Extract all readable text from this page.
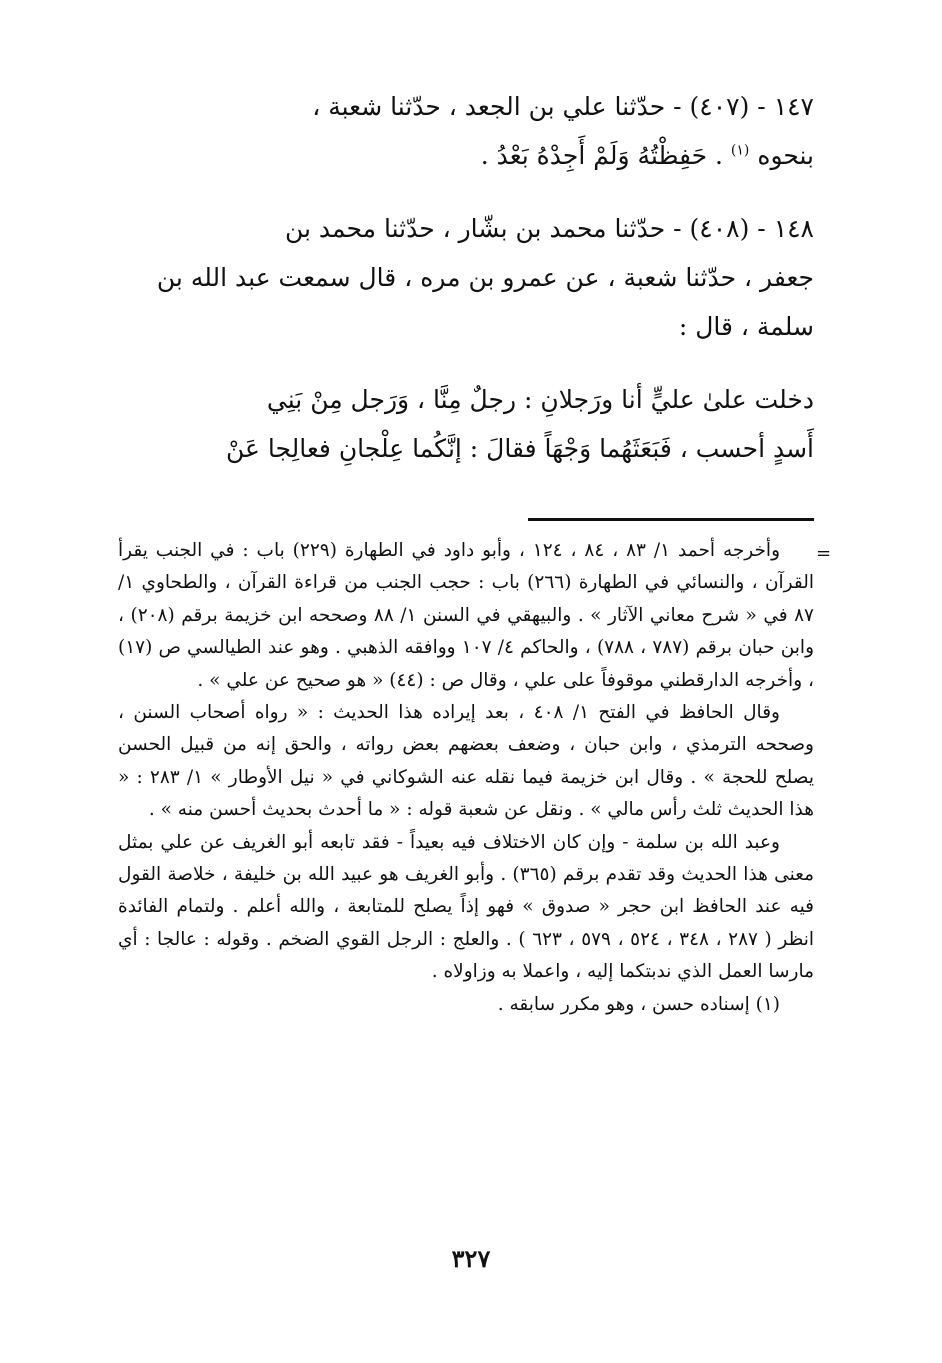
١٤٧ - (٤٠٧) - حدّثنا علي بن الجعد ، حدّثنا شعبة ،

بنحوه $^{(١)}$ . حَفِظْتُهُ وَلَمْ أَجِدْهُ بَعْدُ .

١٤٨ - (٤٠٨) - حدّثنا محمد بن بشّار ، حدّثنا محمد بن

جعفر ، حدّثنا شعبة ، عن عمرو بن مره ، قال سمعت عبد الله بن

سلمة ، قال :

دخلت علىٰ عليٍّ أنا ورَجلانِ : رجلٌ مِنَّا ، وَرَجل مِنْ بَنِي

أَسدٍ أحسب ، فَبَعَثَهُما وَجْهَاً فقالَ : إنَّكُما عِلْجانِ فعالِجا عَنْ

=

وأخرجه أحمد ١/ ٨٣ ، ٨٤ ، ١٢٤ ، وأبو داود في الطهارة (٢٢٩) باب : في الجنب يقرأ القرآن ، والنسائي في الطهارة (٢٦٦) باب : حجب الجنب من قراءة القرآن ، والطحاوي ١/ ٨٧ في « شرح معاني الآثار » . والبيهقي في السنن ١/ ٨٨ وصححه ابن خزيمة برقم (٢٠٨) ، وابن حبان برقم (٧٨٧ ، ٧٨٨) ، والحاكم ٤/ ١٠٧ ووافقه الذهبي . وهو عند الطيالسي ص (١٧) ، وأخرجه الدارقطني موقوفاً على علي ، وقال ص : (٤٤) « هو صحيح عن علي » .

وقال الحافظ في الفتح ١/ ٤٠٨ ، بعد إيراده هذا الحديث : « رواه أصحاب السنن ، وصححه الترمذي ، وابن حبان ، وضعف بعضهم بعض رواته ، والحق إنه من قبيل الحسن يصلح للحجة » . وقال ابن خزيمة فيما نقله عنه الشوكاني في « نيل الأوطار » ١/ ٢٨٣ : « هذا الحديث ثلث رأس مالي » . ونقل عن شعبة قوله : « ما أحدث بحديث أحسن منه » .

وعبد الله بن سلمة - وإن كان الاختلاف فيه بعيداً - فقد تابعه أبو الغريف عن علي بمثل معنى هذا الحديث وقد تقدم برقم (٣٦٥) . وأبو الغريف هو عبيد الله بن خليفة ، خلاصة القول فيه عند الحافظ ابن حجر « صدوق » فهو إذاً يصلح للمتابعة ، والله أعلم . ولتمام الفائدة انظر ( ٢٨٧ ، ٣٤٨ ، ٥٢٤ ، ٥٧٩ ، ٦٢٣ ) . والعلج : الرجل القوي الضخم . وقوله : عالجا : أي مارسا العمل الذي ندبتكما إليه ، واعملا به وزاولاه .

(١) إسناده حسن ، وهو مكرر سابقه .

٣٢٧
